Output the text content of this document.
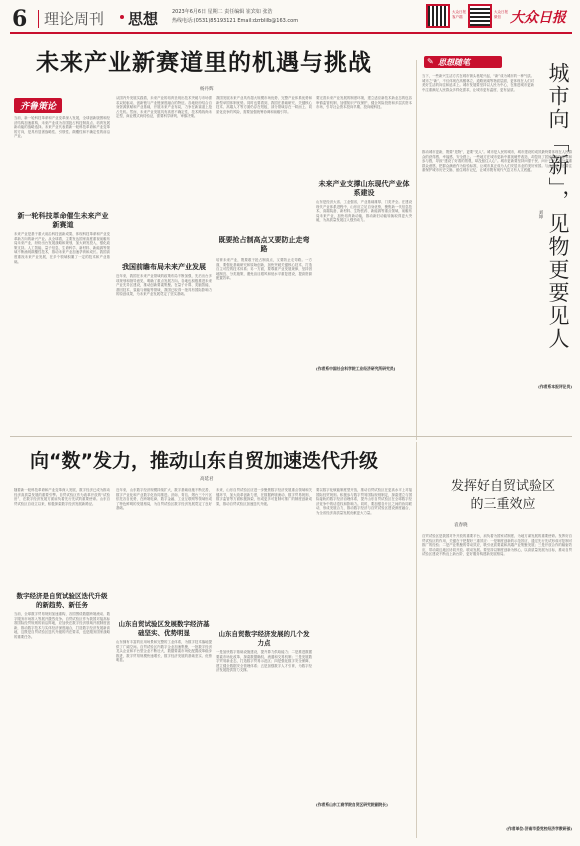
6 理论周刊 思想	2023年6月6日 星期二 责任编辑 崔宾如 张浩
热线电话:(0531)85193121 Email:dzrblilb@163.com
大众日报 客户端
大众日报 微信 大众日报
未来产业新赛道里的机遇与挑战
杨丹辉
齐鲁策论
当前，新一轮科技革命和产业变革深入发展，全球创新版图和经济结构加速重构，未来产业成为各国抢占科技制高点、培育发展新动能的战略选择。未来产业代表着新一轮科技革命和产业变革的方向，是具有显著战略性、引领性、颠覆性和不确定性的前沿产业。
新一轮科技革命催生未来产业新赛道
未来产业是基于重大前沿科技创新成果、体现科技革命和产业变革新方向的新兴产业。从全球看，主要发达国家高度重视前瞻布局未来产业，纷纷出台发展战略和规划，加大研发投入，强化政策支持。人工智能、量子信息、生命科学、新材料、新能源等领域不断涌现颠覆性技术，推动未来产业加速孕育和成长。我国高度重视未来产业发展，在多个领域积累了一定的技术和产业基础。
从国内外发展实践看，未来产业的培育呈现出技术突破与市场需求双轮驱动、创新链与产业链深度融合的特征。各地纷纷结合自身资源禀赋和产业基础，开展未来产业布局，力争在新赛道上抢占先机。然而，未来产业发展具有高度不确定性，技术路线尚未定型，商业模式尚待验证，需要科学研判、审慎决策。
我国前瞻布局未来产业发展
近年来，我国在未来产业领域的政策布局不断加强，先后出台多项规划和指导意见，明确了重点发展方向。各地也积极推进未来产业先导区建设，推动创新要素集聚。在量子计算、类脑智能、基因技术、氢能与储能等领域，我国已取得一批具有国际影响力的原创成果，为未来产业发展奠定了坚实基础。
我国发展未来产业具有超大规模市场优势、完整产业体系优势和新型举国体制优势。同时也要看到，我国在基础研究、关键核心技术、高端人才等方面仍存在短板，部分领域存在一哄而上、同质化竞争的风险，需要加强统筹协调和前瞻引导。
既要抢占制高点又要防止走弯路
培育未来产业，既要敢于抢占制高点，又要防止走弯路。一方面，要强化基础研究和原始创新，加快突破关键核心技术，打造自主可控的技术体系；另一方面，要尊重产业发展规律，坚持因地制宜、分类施策，避免盲目跟风和低水平重复建设，提高资源配置效率。
要完善未来产业发展的制度环境，建立适应新技术新业态的包容审慎监管机制，加强知识产权保护，健全风险投资和多层次资本市场，引导社会资本投向早期、投向硬科技。
未来产业支撑山东现代产业体系建设
山东是经济大省、工业强省，产业基础雄厚、门类齐全。在建设现代产业体系进程中，山东应立足自身优势，聚焦新一代信息技术、高端装备、新材料、生物医药、新能源等重点领域，前瞻布局未来产业，加快培育新动能，推动新旧动能转换取得更大突破，为高质量发展注入强劲动力。
(作者系中国社会科学院工业经济研究所研究员)
✎ 思想随笔	城市向「新」，见物更要见人
刘坤
当下，一些新兴生活方式在城市街头巷尾兴起，“新”成为城市的一种气质。城市之“新”，不仅体现在高楼林立、道路宽阔等物质层面，更体现在人们对美好生活的向往和追求上。城市发展要坚持以人民为中心，在推进城市更新中注重满足人民群众多样化需求，让城市更有温度、更有品质。
推动城市更新，既要“见物”，更要“见人”。城市是人民的城市，城市建设的成效最终要体现在人民群众的获得感、幸福感、安全感上。一些地方在城市更新中重视硬件改造，却忽视了居民的实际需求和参与感，导致“建设了好看的景观，却没留住人心”。城市更新要坚持问需于民、问计于民，充分尊重群众意愿，把群众满意作为检验标准，让城市真正成为人们安居乐业的美好家园。与此同时，还要注重保护城市历史文脉，留住城市记忆，让城市既有现代气息又有人文底蕴。
(作者系本报评论员)
向“数”发力，推动山东自贸加速迭代升级
高延君
随着新一轮科技革命和产业变革深入发展，数字经济已成为推动经济高质量发展的重要引擎。自贸试验区作为改革开放的“试验田”，在数字经济发展方面肩负着先行先试的重要使命。山东自贸试验区自设立以来，积极探索数字经济发展新路径。
数字经济是自贸试验区迭代升级的新趋势、新任务
当前，全球数字贸易规则加速重构，各国围绕数据跨境流动、数字服务市场准入等展开激烈竞争。自贸试验区作为我国对接高标准国际经贸规则的前沿阵地，应加快在数字经济领域开展制度创新，推动数字技术与实体经济深度融合，打造数字经济发展新高地，这既是自贸试验区迭代升级的内在要求，也是服务国家战略的重要任务。
近年来，山东数字经济规模持续扩大，数字基础设施不断完善，数字产业化和产业数字化协同推进。济南、青岛、烟台三个片区依托各自优势，在跨境电商、数字金融、工业互联网等领域形成了特色鲜明的发展格局，为自贸试验区数字经济发展奠定了良好基础。
山东自贸试验区发展数字经济基础坚实、优势明显
山东拥有丰富的应用场景和完整的工业体系，为数字技术落地提供了广阔空间。自贸试验区内数字企业加速集聚，一批数字经济龙头企业和平台型企业不断壮大，数据要素市场化配置改革稳步推进，数字贸易规模快速增长，数字经济发展的基础坚实、优势明显。
未来，山东自贸试验区应进一步聚焦数字经济发展重点领域和关键环节，加大改革创新力度，在数据跨境流动、数字贸易规则、数字监管等方面积极探索，形成更多可复制可推广的制度创新成果，推动自贸试验区加速迭代升级。
山东自贸数字经济发展的几个发力点
一是加快数字基础设施建设，提升算力供给能力；二是推进数据要素市场化改革，探索数据确权、流通和交易机制；三是发展数字贸易新业态，打造数字贸易示范区；四是强化数字安全保障，建立健全数据安全管理体系；五是加强数字人才引育，为数字经济发展提供智力支撑。
要以数字化赋能制度型开放，推动自贸试验区在更高水平上对接国际经贸规则。积极参与数字贸易国际规则制定，探索建立与国际接轨的数字经济治理体系，提升山东自贸试验区在全球数字经济竞争中的话语权和影响力。同时，要加强各片区之间的协同联动，形成发展合力，推动数字经济与自贸试验区建设深度融合，为全省经济高质量发展贡献更大力量。
(作者系山东工商学院自贸区研究院副院长)
发挥好自贸试验区的三重效应
袁春晓
自贸试验区是我国对外开放的重要平台，肩负着为国家试制度、为地方谋发展的重要使命。发挥好自贸试验区的作用，关键在于把握好三重效应：一是制度创新的示范效应，通过先行先试形成可复制可推广的经验；二是产业集聚的带动效应，吸引优质要素和高端产业集聚发展；三是开放合作的辐射效应，带动周边地区协同开放、联动发展。要坚持以制度创新为核心，以高质量发展为目标，推动自贸试验区建设不断迈上新台阶，更好服务构建新发展格局。
(作者单位:济南市委党校经济学教研部)
